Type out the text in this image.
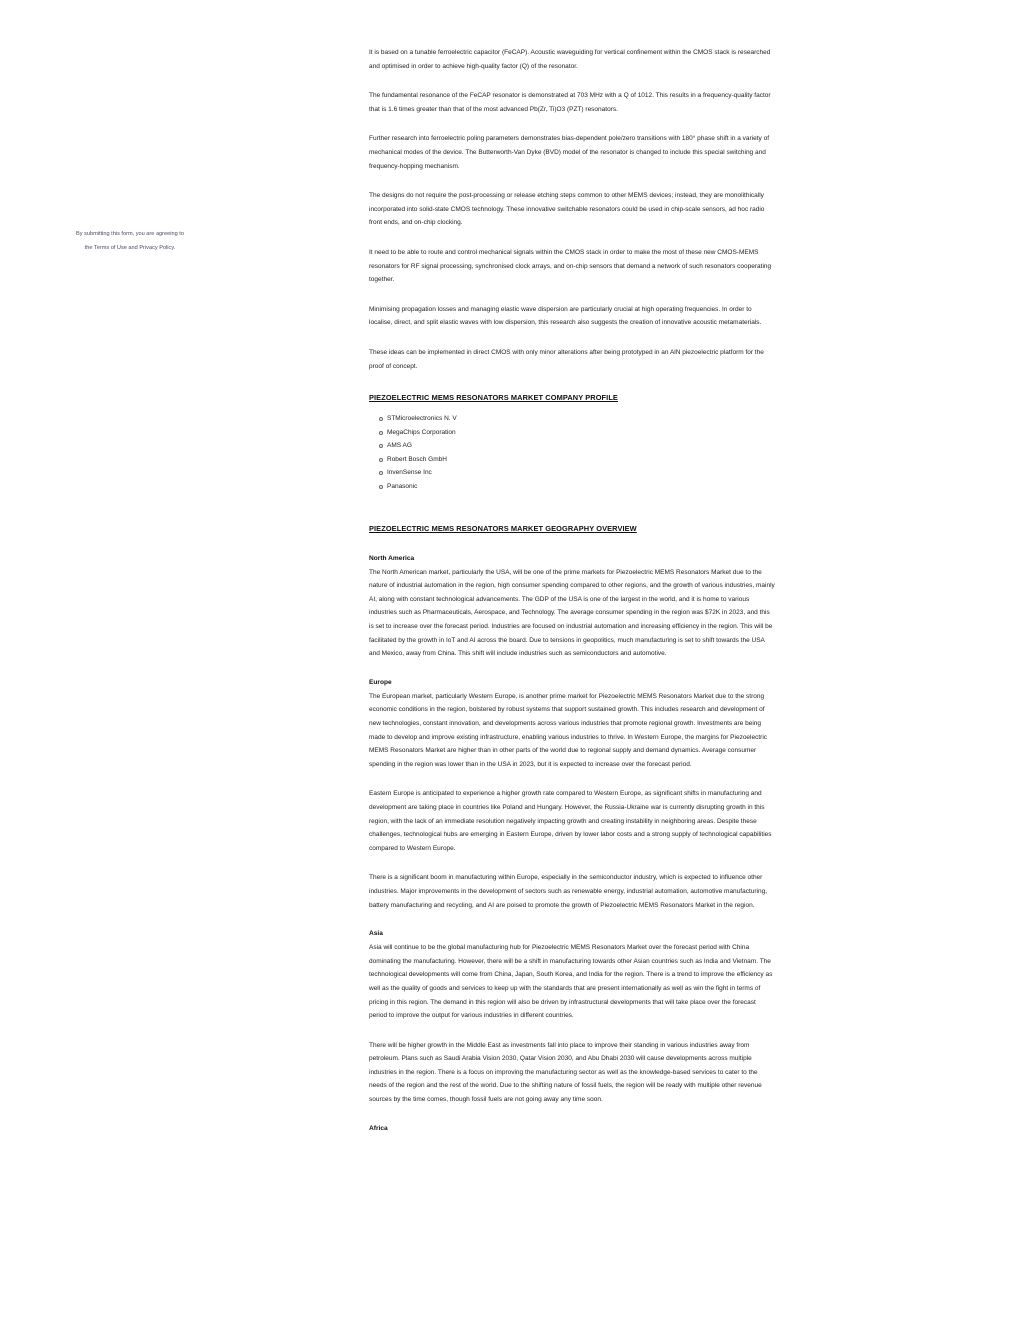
By submitting this form, you are agreeing to
the Terms of Use and Privacy Policy.

It is based on a tunable ferroelectric capacitor (FeCAP). Acoustic waveguiding for vertical confinement within the CMOS stack is researched and optimised in order to achieve high-quality factor (Q) of the resonator.

The fundamental resonance of the FeCAP resonator is demonstrated at 703 MHz with a Q of 1012. This results in a frequency-quality factor that is 1.6 times greater than that of the most advanced Pb(Zr, Ti)O3 (PZT) resonators.

Further research into ferroelectric poling parameters demonstrates bias-dependent pole/zero transitions with 180° phase shift in a variety of mechanical modes of the device. The Butterworth-Van Dyke (BVD) model of the resonator is changed to include this special switching and frequency-hopping mechanism.

The designs do not require the post-processing or release etching steps common to other MEMS devices; instead, they are monolithically incorporated into solid-state CMOS technology. These innovative switchable resonators could be used in chip-scale sensors, ad hoc radio front ends, and on-chip clocking.

It need to be able to route and control mechanical signals within the CMOS stack in order to make the most of these new CMOS-MEMS resonators for RF signal processing, synchronised clock arrays, and on-chip sensors that demand a network of such resonators cooperating together.

Minimising propagation losses and managing elastic wave dispersion are particularly crucial at high operating frequencies. In order to localise, direct, and split elastic waves with low dispersion, this research also suggests the creation of innovative acoustic metamaterials.

These ideas can be implemented in direct CMOS with only minor alterations after being prototyped in an AlN piezoelectric platform for the proof of concept.

PIEZOELECTRIC MEMS RESONATORS MARKET COMPANY PROFILE
STMicroelectronics N. V
MegaChips Corporation
AMS AG
Robert Bosch GmbH
InvenSense Inc
Panasonic
PIEZOELECTRIC MEMS RESONATORS MARKET GEOGRAPHY OVERVIEW
North America

The North American market, particularly the USA, will be one of the prime markets for Piezoelectric MEMS Resonators Market due to the nature of industrial automation in the region, high consumer spending compared to other regions, and the growth of various industries, mainly AI, along with constant technological advancements. The GDP of the USA is one of the largest in the world, and it is home to various industries such as Pharmaceuticals, Aerospace, and Technology. The average consumer spending in the region was $72K in 2023, and this is set to increase over the forecast period. Industries are focused on industrial automation and increasing efficiency in the region. This will be facilitated by the growth in IoT and AI across the board. Due to tensions in geopolitics, much manufacturing is set to shift towards the USA and Mexico, away from China. This shift will include industries such as semiconductors and automotive.

Europe

The European market, particularly Western Europe, is another prime market for Piezoelectric MEMS Resonators Market due to the strong economic conditions in the region, bolstered by robust systems that support sustained growth. This includes research and development of new technologies, constant innovation, and developments across various industries that promote regional growth. Investments are being made to develop and improve existing infrastructure, enabling various industries to thrive. In Western Europe, the margins for Piezoelectric MEMS Resonators Market are higher than in other parts of the world due to regional supply and demand dynamics. Average consumer spending in the region was lower than in the USA in 2023, but it is expected to increase over the forecast period.

Eastern Europe is anticipated to experience a higher growth rate compared to Western Europe, as significant shifts in manufacturing and development are taking place in countries like Poland and Hungary. However, the Russia-Ukraine war is currently disrupting growth in this region, with the lack of an immediate resolution negatively impacting growth and creating instability in neighboring areas. Despite these challenges, technological hubs are emerging in Eastern Europe, driven by lower labor costs and a strong supply of technological capabilities compared to Western Europe.

There is a significant boom in manufacturing within Europe, especially in the semiconductor industry, which is expected to influence other industries. Major improvements in the development of sectors such as renewable energy, industrial automation, automotive manufacturing, battery manufacturing and recycling, and AI are poised to promote the growth of Piezoelectric MEMS Resonators Market in the region.

Asia

Asia will continue to be the global manufacturing hub for Piezoelectric MEMS Resonators Market over the forecast period with China dominating the manufacturing. However, there will be a shift in manufacturing towards other Asian countries such as India and Vietnam. The technological developments will come from China, Japan, South Korea, and India for the region. There is a trend to improve the efficiency as well as the quality of goods and services to keep up with the standards that are present internationally as well as win the fight in terms of pricing in this region. The demand in this region will also be driven by infrastructural developments that will take place over the forecast period to improve the output for various industries in different countries.

There will be higher growth in the Middle East as investments fall into place to improve their standing in various industries away from petroleum. Plans such as Saudi Arabia Vision 2030, Qatar Vision 2030, and Abu Dhabi 2030 will cause developments across multiple industries in the region. There is a focus on improving the manufacturing sector as well as the knowledge-based services to cater to the needs of the region and the rest of the world. Due to the shifting nature of fossil fuels, the region will be ready with multiple other revenue sources by the time comes, though fossil fuels are not going away any time soon.

Africa
